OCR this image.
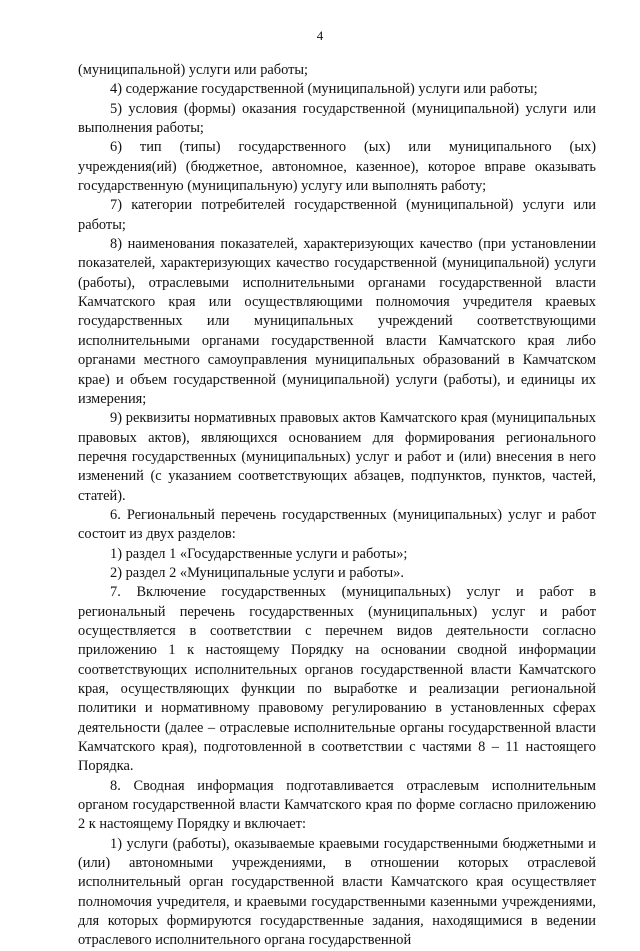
4

(муниципальной) услуги или работы;

4) содержание государственной (муниципальной) услуги или работы;

5) условия (формы) оказания государственной (муниципальной) услуги или выполнения работы;

6) тип (типы) государственного (ых) или муниципального (ых) учреждения(ий) (бюджетное, автономное, казенное), которое вправе оказывать государственную (муниципальную) услугу или выполнять работу;

7) категории потребителей государственной (муниципальной) услуги или работы;

8) наименования показателей, характеризующих качество (при установлении показателей, характеризующих качество государственной (муниципальной) услуги (работы), отраслевыми исполнительными органами государственной власти Камчатского края или осуществляющими полномочия учредителя краевых государственных или муниципальных учреждений соответствующими исполнительными органами государственной власти Камчатского края либо органами местного самоуправления муниципальных образований в Камчатском крае) и объем государственной (муниципальной) услуги (работы), и единицы их измерения;

9) реквизиты нормативных правовых актов Камчатского края (муниципальных правовых актов), являющихся основанием для формирования регионального перечня государственных (муниципальных) услуг и работ и (или) внесения в него изменений (с указанием соответствующих абзацев, подпунктов, пунктов, частей, статей).

6. Региональный перечень государственных (муниципальных) услуг и работ состоит из двух разделов:

1) раздел 1 «Государственные услуги и работы»;

2) раздел 2 «Муниципальные услуги и работы».

7. Включение государственных (муниципальных) услуг и работ в региональный перечень государственных (муниципальных) услуг и работ осуществляется в соответствии с перечнем видов деятельности согласно приложению 1 к настоящему Порядку на основании сводной информации соответствующих исполнительных органов государственной власти Камчатского края, осуществляющих функции по выработке и реализации региональной политики и нормативному правовому регулированию в установленных сферах деятельности (далее – отраслевые исполнительные органы государственной власти Камчатского края), подготовленной в соответствии с частями 8 – 11 настоящего Порядка.

8. Сводная информация подготавливается отраслевым исполнительным органом государственной власти Камчатского края по форме согласно приложению 2 к настоящему Порядку и включает:

1) услуги (работы), оказываемые краевыми государственными бюджетными и (или) автономными учреждениями, в отношении которых отраслевой исполнительный орган государственной власти Камчатского края осуществляет полномочия учредителя, и краевыми государственными казенными учреждениями, для которых формируются государственные задания, находящимися в ведении отраслевого исполнительного органа государственной
